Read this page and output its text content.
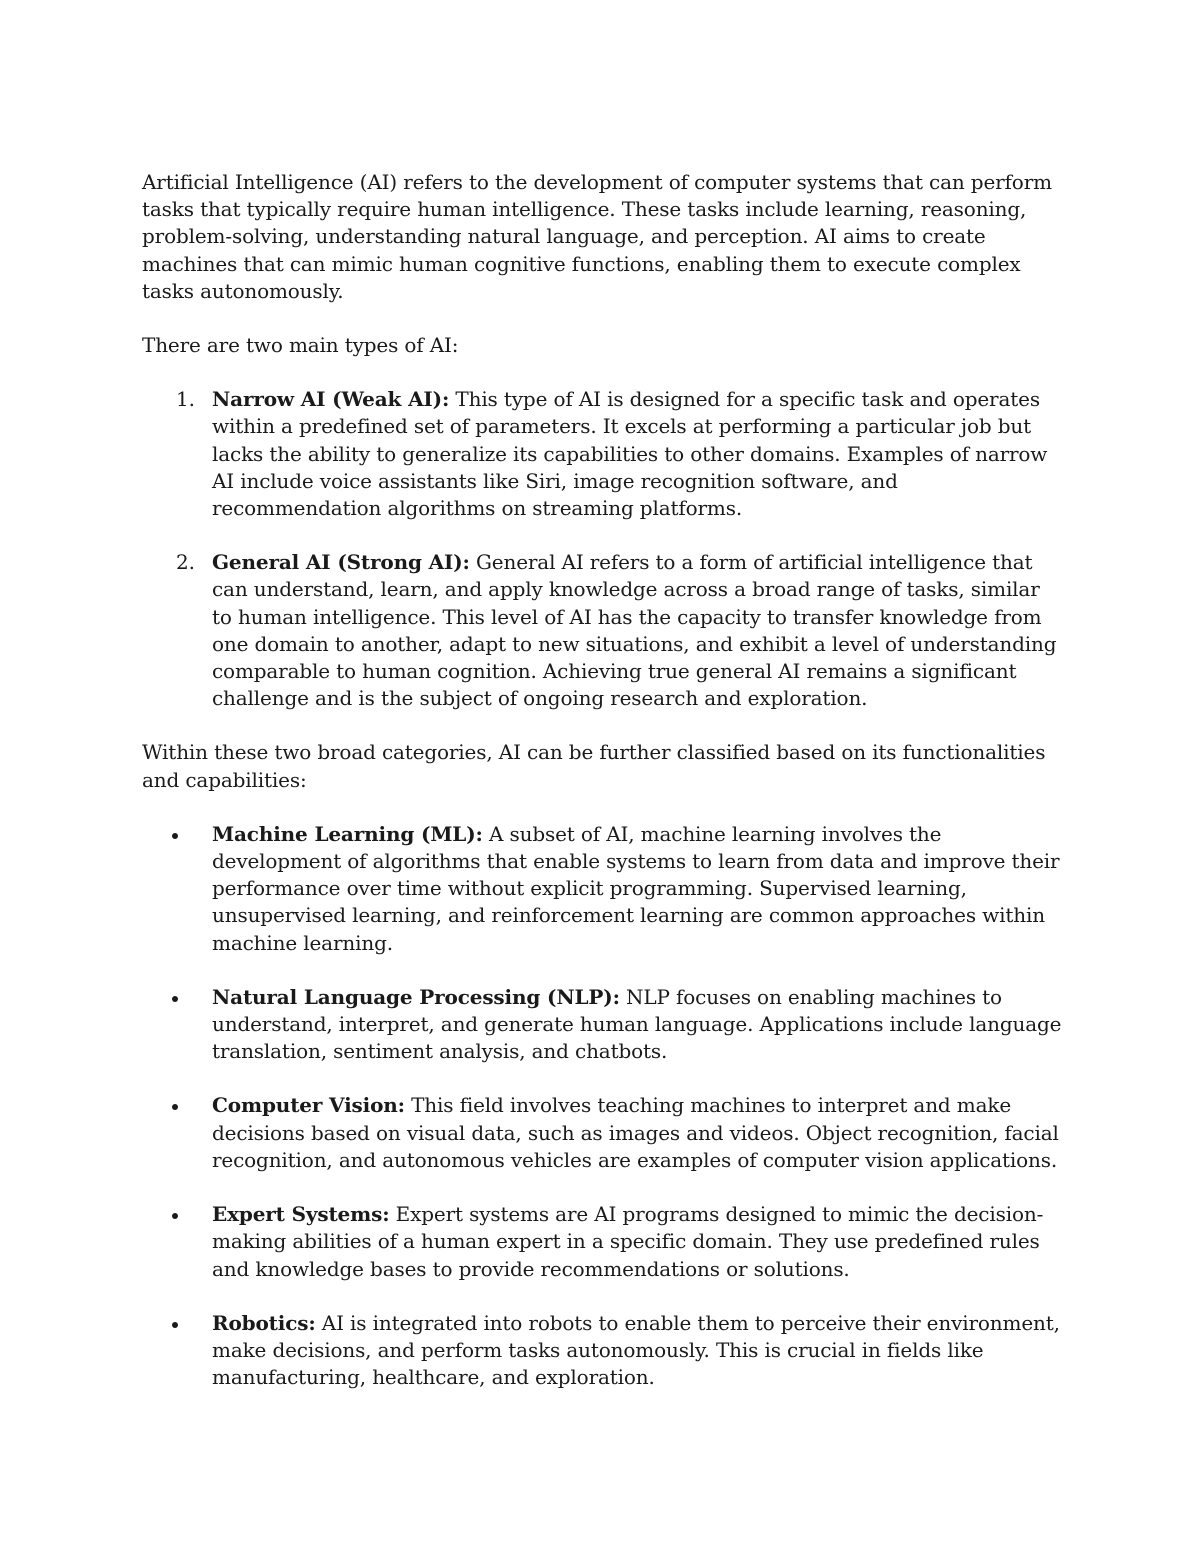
Artificial Intelligence (AI) refers to the development of computer systems that can perform tasks that typically require human intelligence. These tasks include learning, reasoning, problem-solving, understanding natural language, and perception. AI aims to create machines that can mimic human cognitive functions, enabling them to execute complex tasks autonomously.

There are two main types of AI:

1. Narrow AI (Weak AI): This type of AI is designed for a specific task and operates within a predefined set of parameters. It excels at performing a particular job but lacks the ability to generalize its capabilities to other domains. Examples of narrow AI include voice assistants like Siri, image recognition software, and recommendation algorithms on streaming platforms.
2. General AI (Strong AI): General AI refers to a form of artificial intelligence that can understand, learn, and apply knowledge across a broad range of tasks, similar to human intelligence. This level of AI has the capacity to transfer knowledge from one domain to another, adapt to new situations, and exhibit a level of understanding comparable to human cognition. Achieving true general AI remains a significant challenge and is the subject of ongoing research and exploration.

Within these two broad categories, AI can be further classified based on its functionalities and capabilities:

Machine Learning (ML): A subset of AI, machine learning involves the development of algorithms that enable systems to learn from data and improve their performance over time without explicit programming. Supervised learning, unsupervised learning, and reinforcement learning are common approaches within machine learning.
Natural Language Processing (NLP): NLP focuses on enabling machines to understand, interpret, and generate human language. Applications include language translation, sentiment analysis, and chatbots.
Computer Vision: This field involves teaching machines to interpret and make decisions based on visual data, such as images and videos. Object recognition, facial recognition, and autonomous vehicles are examples of computer vision applications.
Expert Systems: Expert systems are AI programs designed to mimic the decision-making abilities of a human expert in a specific domain. They use predefined rules and knowledge bases to provide recommendations or solutions.
Robotics: AI is integrated into robots to enable them to perceive their environment, make decisions, and perform tasks autonomously. This is crucial in fields like manufacturing, healthcare, and exploration.
